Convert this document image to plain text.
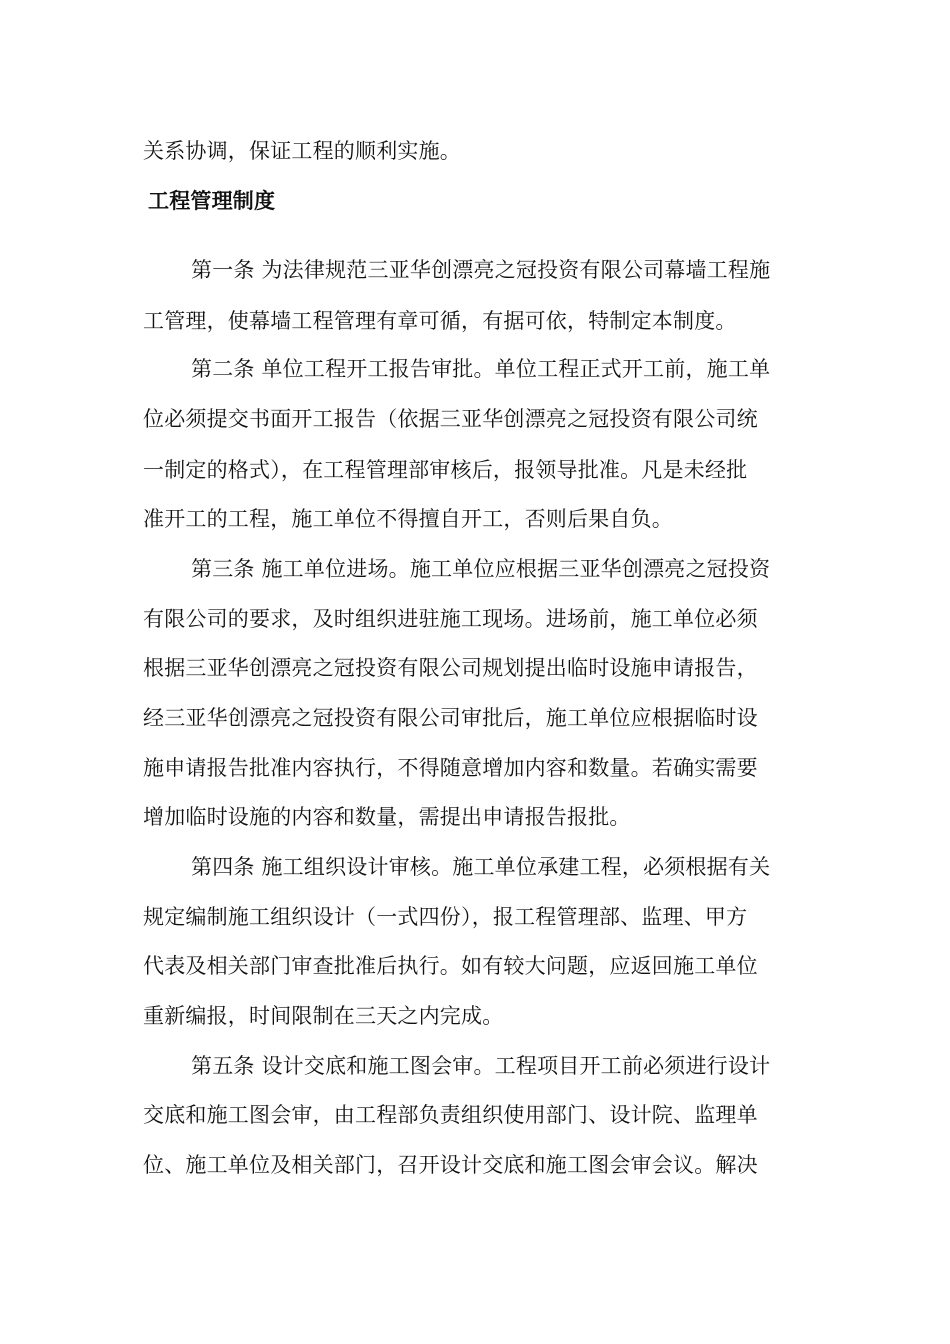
关系协调，保证工程的顺利实施。
工程管理制度
第一条 为法律规范三亚华创漂亮之冠投资有限公司幕墙工程施
工管理，使幕墙工程管理有章可循，有据可依，特制定本制度。
第二条 单位工程开工报告审批。单位工程正式开工前，施工单
位必须提交书面开工报告（依据三亚华创漂亮之冠投资有限公司统
一制定的格式），在工程管理部审核后，报领导批准。凡是未经批
准开工的工程，施工单位不得擅自开工，否则后果自负。
第三条 施工单位进场。施工单位应根据三亚华创漂亮之冠投资
有限公司的要求，及时组织进驻施工现场。进场前，施工单位必须
根据三亚华创漂亮之冠投资有限公司规划提出临时设施申请报告，
经三亚华创漂亮之冠投资有限公司审批后，施工单位应根据临时设
施申请报告批准内容执行，不得随意增加内容和数量。若确实需要
增加临时设施的内容和数量，需提出申请报告报批。
第四条 施工组织设计审核。施工单位承建工程，必须根据有关
规定编制施工组织设计（一式四份），报工程管理部、监理、甲方
代表及相关部门审查批准后执行。如有较大问题，应返回施工单位
重新编报，时间限制在三天之内完成。
第五条 设计交底和施工图会审。工程项目开工前必须进行设计
交底和施工图会审，由工程部负责组织使用部门、设计院、监理单
位、施工单位及相关部门，召开设计交底和施工图会审会议。解决
